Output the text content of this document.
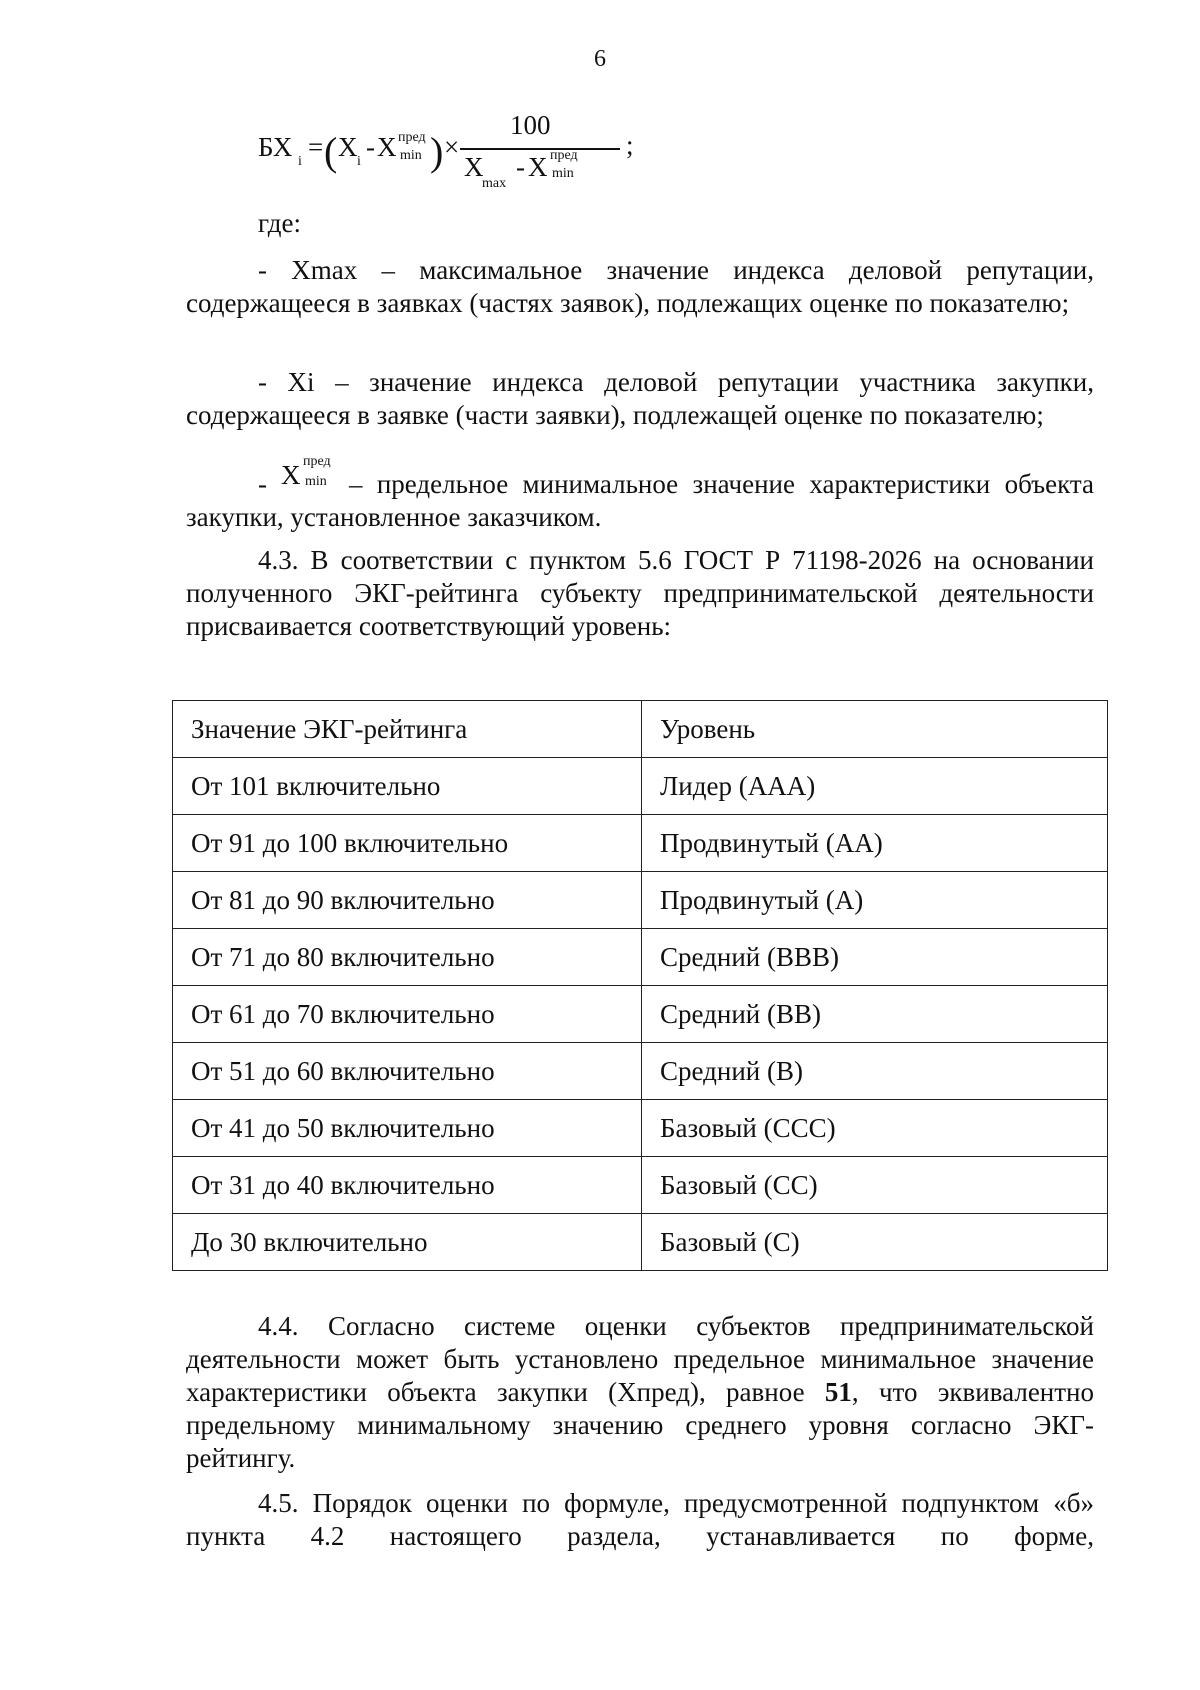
6
БХ i = ( X i - X пред
min ) ×
100
X
max
- X пред
min
;
где:

- Xmax – максимальное значение индекса деловой репутации, содержащееся в заявках (частях заявок), подлежащих оценке по показателю;

- Xi – значение индекса деловой репутации участника закупки, содержащееся в заявке (части заявки), подлежащей оценке по показателю;

X пред
min

-	– предельное минимальное значение характеристики объекта закупки, установленное заказчиком.

4.3. В соответствии с пунктом 5.6 ГОСТ Р 71198-2026 на основании полученного ЭКГ-рейтинга субъекту предпринимательской деятельности присваивается соответствующий уровень:

Значение ЭКГ-рейтинга	Уровень
От 101 включительно	Лидер (AAA)
От 91 до 100 включительно	Продвинутый (AA)
От 81 до 90 включительно	Продвинутый (A)
От 71 до 80 включительно	Средний (BBB)
От 61 до 70 включительно	Средний (BB)
От 51 до 60 включительно	Средний (B)
От 41 до 50 включительно	Базовый (CCC)
От 31 до 40 включительно	Базовый (CC)
До 30 включительно	Базовый (C)

4.4. Согласно системе оценки субъектов предпринимательской деятельности может быть установлено предельное минимальное значение характеристики объекта закупки (Хпред), равное 51, что эквивалентно предельному минимальному значению среднего уровня согласно ЭКГ-рейтингу.

4.5. Порядок оценки по формуле, предусмотренной подпунктом «б» пункта 4.2 настоящего раздела, устанавливается по форме,
